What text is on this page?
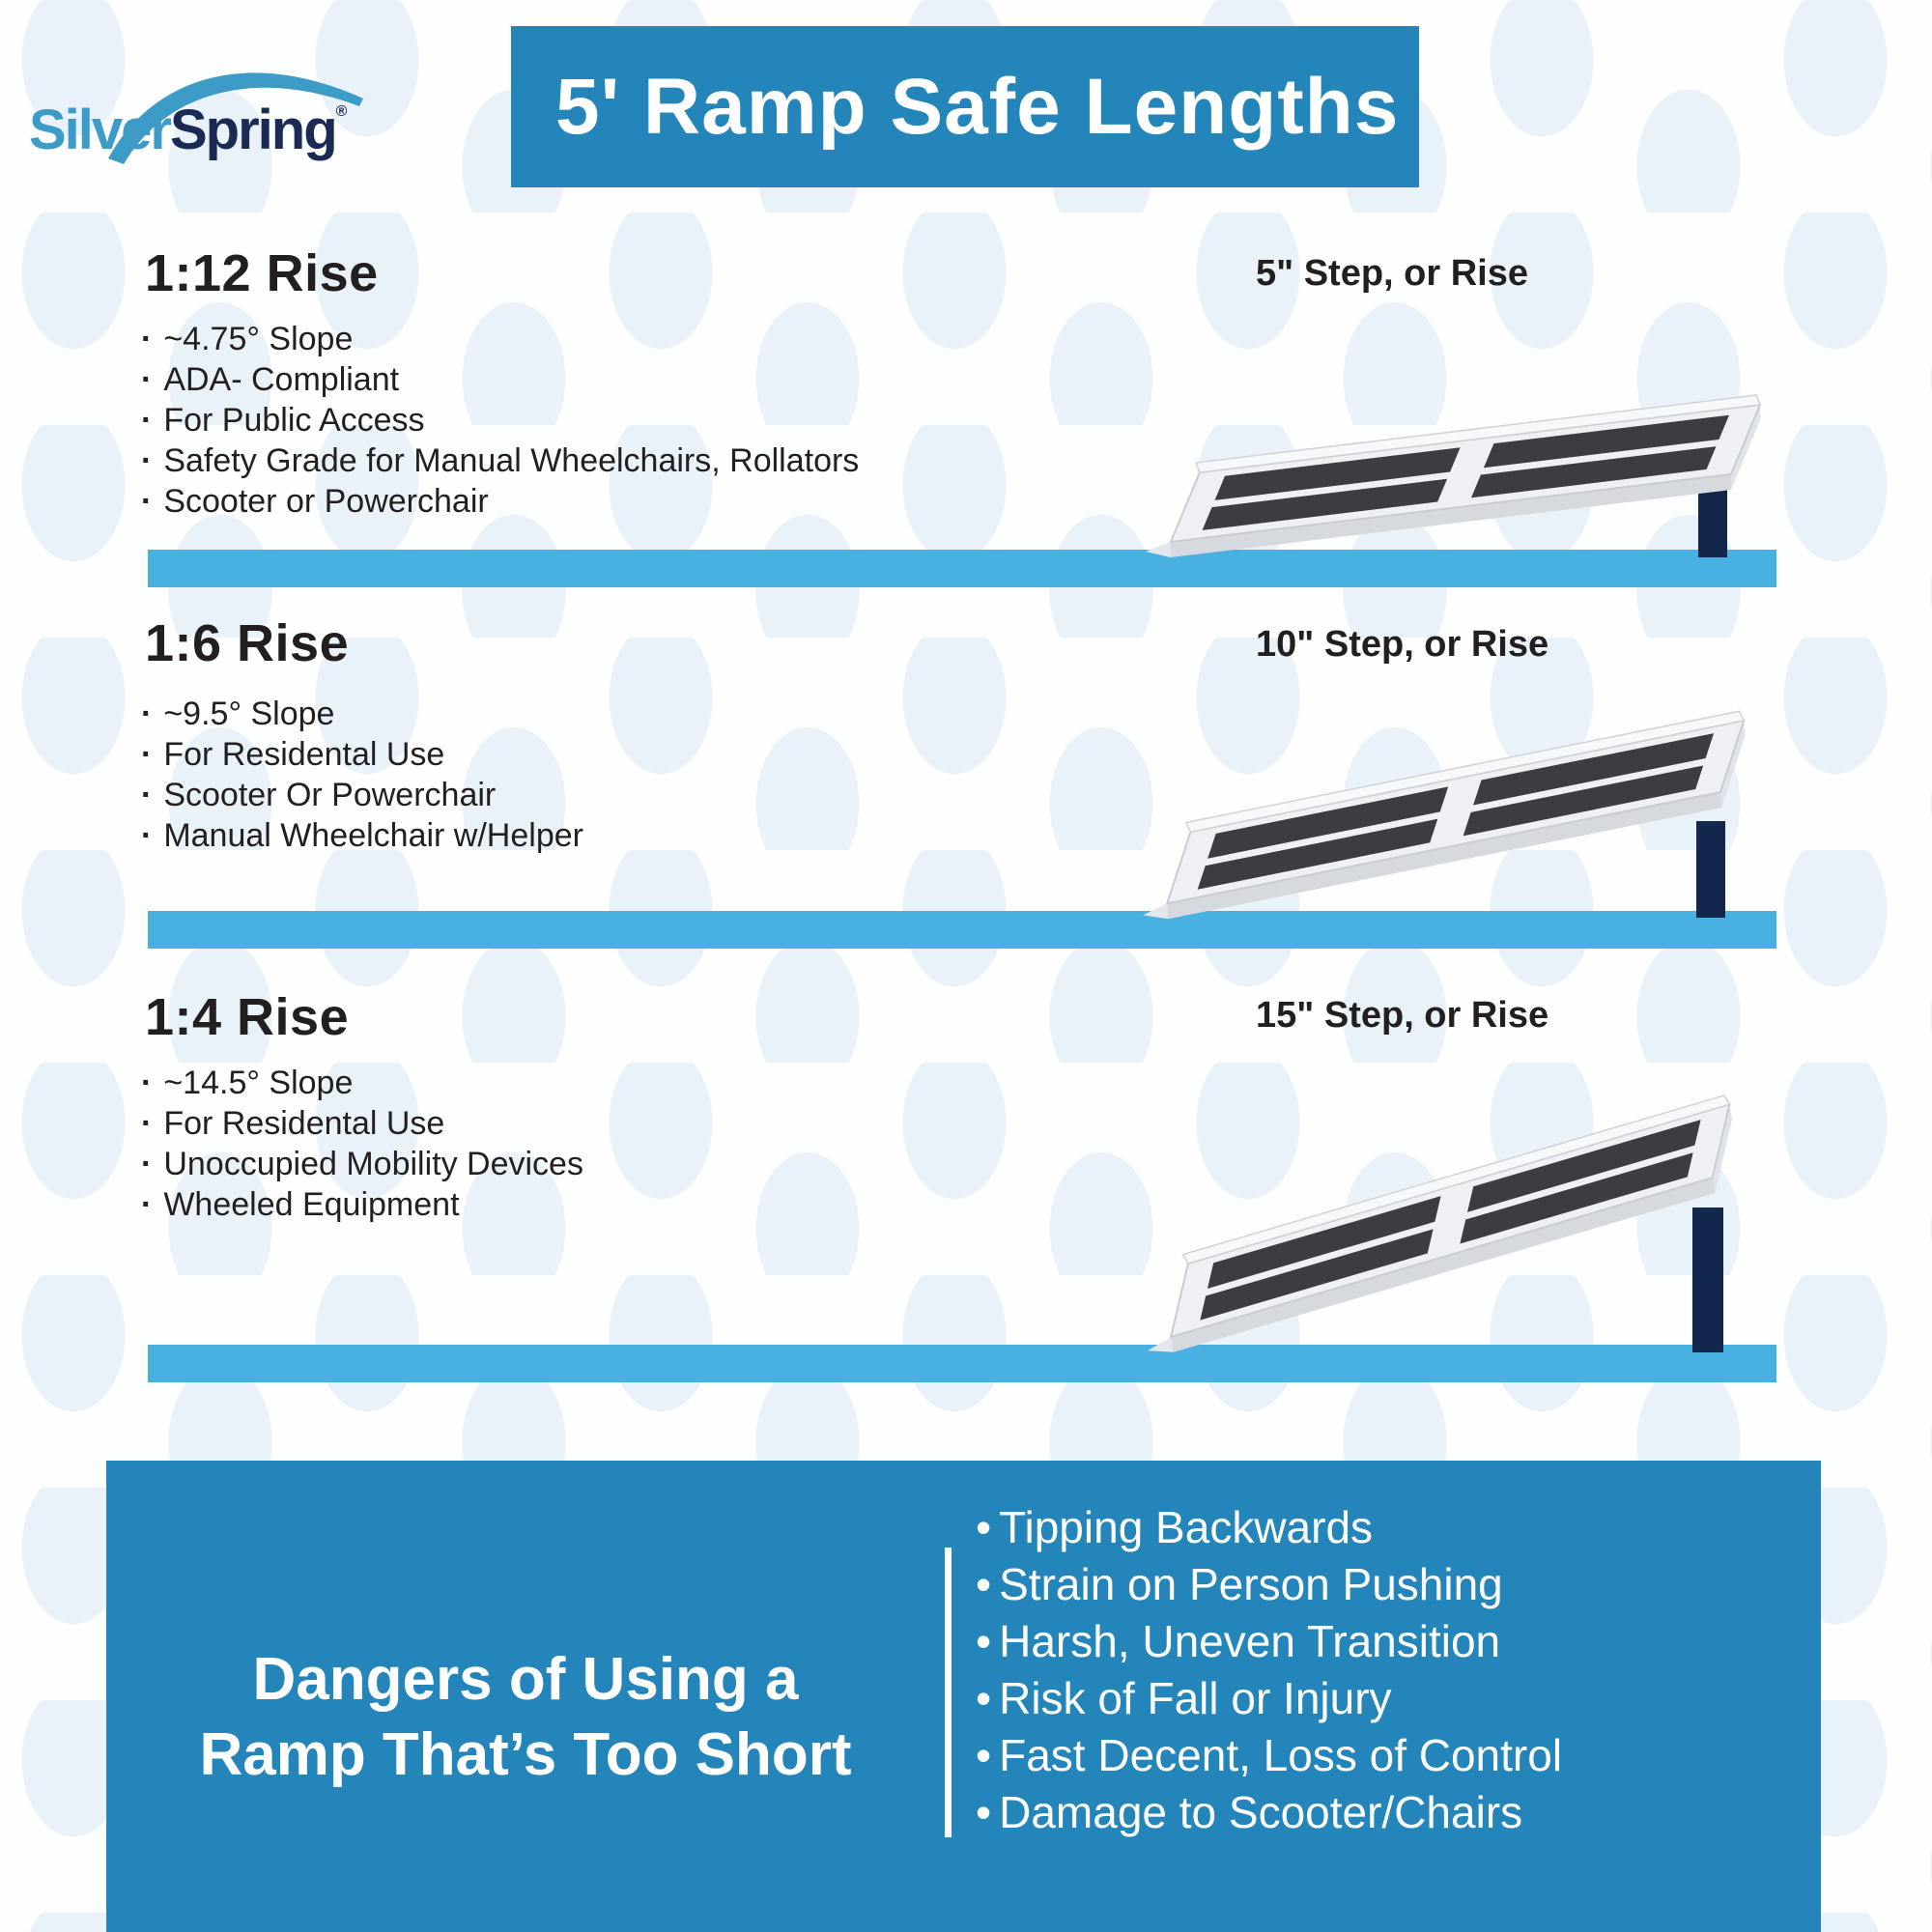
SilverSpring®	5' Ramp Safe Lengths
1:12 Rise	5" Step, or Rise
· ~4.75° Slope
· ADA- Compliant
· For Public Access
· Safety Grade for Manual Wheelchairs, Rollators
· Scooter or Powerchair
1:6 Rise	10" Step, or Rise
· ~9.5° Slope
· For Residental Use
· Scooter Or Powerchair
· Manual Wheelchair w/Helper
1:4 Rise	15" Step, or Rise
· ~14.5° Slope
· For Residental Use
· Unoccupied Mobility Devices
· Wheeled Equipment
Dangers of Using a
Ramp That’s Too Short
• Tipping Backwards
• Strain on Person Pushing
• Harsh, Uneven Transition
• Risk of Fall or Injury
• Fast Decent, Loss of Control
• Damage to Scooter/Chairs
